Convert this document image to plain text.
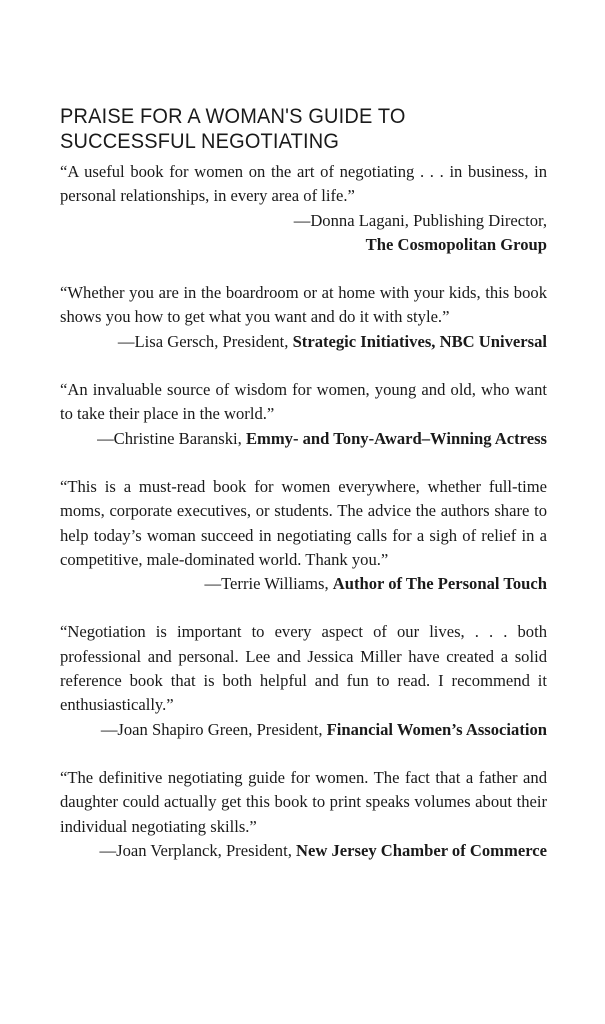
PRAISE FOR A WOMAN'S GUIDE TO
SUCCESSFUL NEGOTIATING

“A useful book for women on the art of negotiating . . . in business, in personal relationships, in every area of life.”

—Donna Lagani, Publishing Director,

The Cosmopolitan Group

“Whether you are in the boardroom or at home with your kids, this book shows you how to get what you want and do it with style.”

—Lisa Gersch, President, Strategic Initiatives, NBC Universal

“An invaluable source of wisdom for women, young and old, who want to take their place in the world.”

—Christine Baranski, Emmy- and Tony-Award–Winning Actress

“This is a must-read book for women everywhere, whether full-time moms, corporate executives, or students. The advice the authors share to help today’s woman succeed in negotiating calls for a sigh of relief in a competitive, male-dominated world. Thank you.”

—Terrie Williams, Author of The Personal Touch

“Negotiation is important to every aspect of our lives, . . . both professional and personal. Lee and Jessica Miller have created a solid reference book that is both helpful and fun to read. I recommend it enthusiastically.”

—Joan Shapiro Green, President, Financial Women’s Association

“The definitive negotiating guide for women. The fact that a father and daughter could actually get this book to print speaks volumes about their individual negotiating skills.”

—Joan Verplanck, President, New Jersey Chamber of Commerce
